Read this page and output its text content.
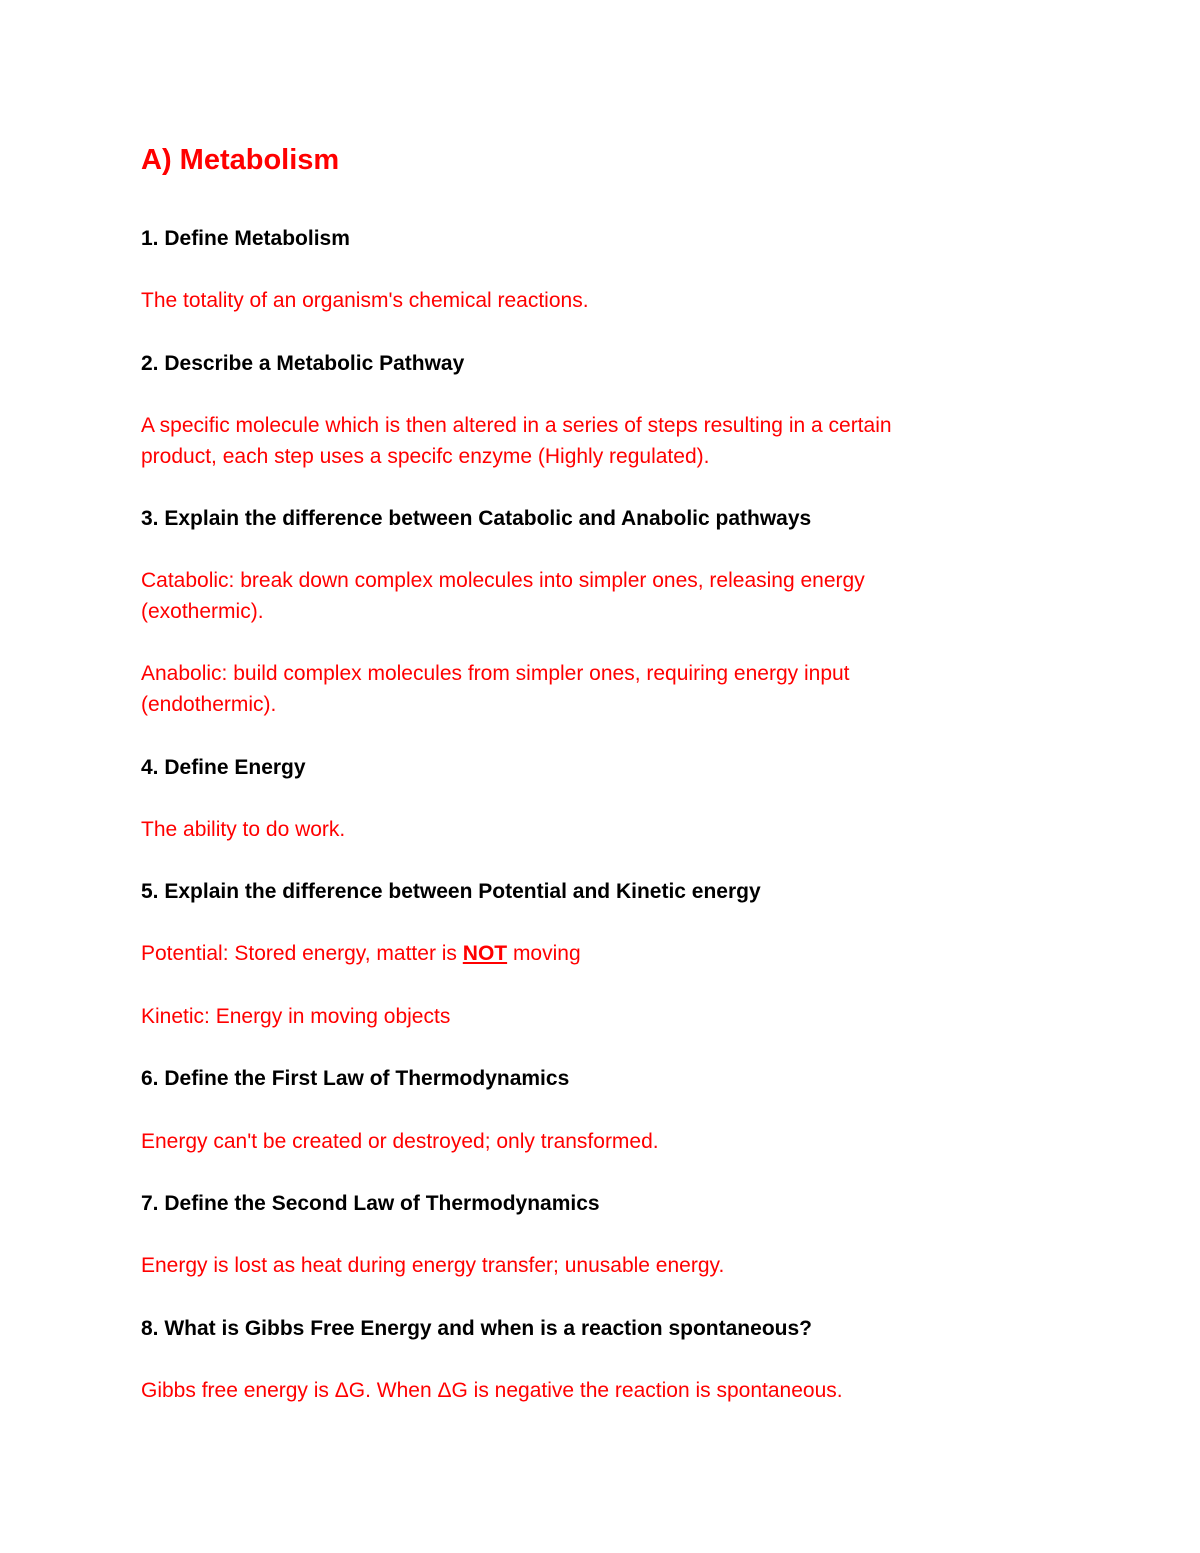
A) Metabolism

1. Define Metabolism

The totality of an organism's chemical reactions.

2. Describe a Metabolic Pathway

A specific molecule which is then altered in a series of steps resulting in a certain

product, each step uses a specifc enzyme (Highly regulated).

3. Explain the difference between Catabolic and Anabolic pathways

Catabolic: break down complex molecules into simpler ones, releasing energy

(exothermic).

Anabolic: build complex molecules from simpler ones, requiring energy input

(endothermic).

4. Define Energy

The ability to do work.

5. Explain the difference between Potential and Kinetic energy

Potential: Stored energy, matter is NOT moving

Kinetic: Energy in moving objects

6. Define the First Law of Thermodynamics

Energy can't be created or destroyed; only transformed.

7. Define the Second Law of Thermodynamics

Energy is lost as heat during energy transfer; unusable energy.

8. What is Gibbs Free Energy and when is a reaction spontaneous?

Gibbs free energy is ΔG. When ΔG is negative the reaction is spontaneous.
